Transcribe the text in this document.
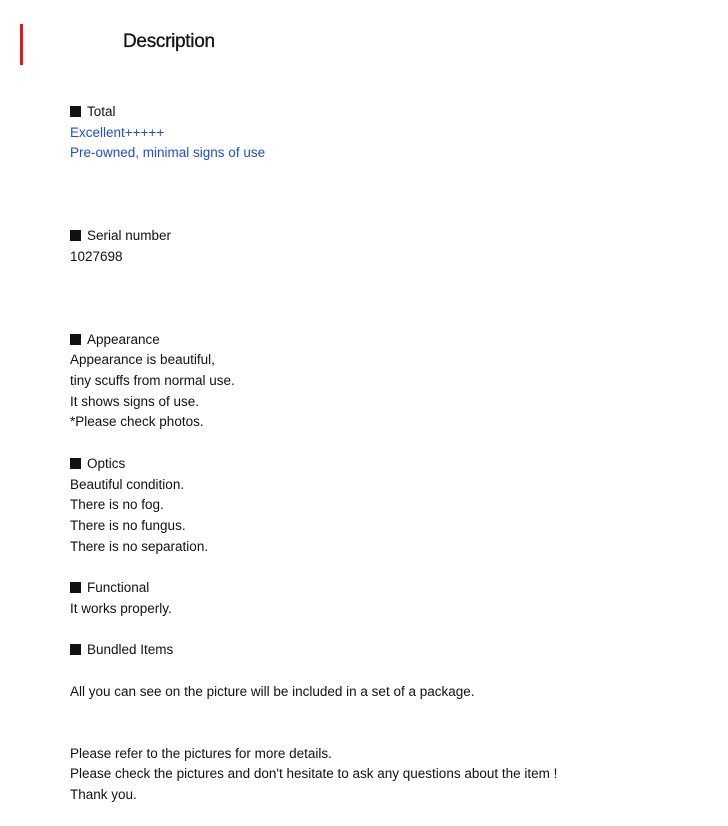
Description
Total
Excellent+++++
Pre-owned, minimal signs of use
Serial number
1027698
Appearance
Appearance is beautiful,
tiny scuffs from normal use.
It shows signs of use.
*Please check photos.
Optics
Beautiful condition.
There is no fog.
There is no fungus.
There is no separation.
Functional
It works properly.
Bundled Items
All you can see on the picture will be included in a set of a package.
Please refer to the pictures for more details.
Please check the pictures and don't hesitate to ask any questions about the item !
Thank you.
